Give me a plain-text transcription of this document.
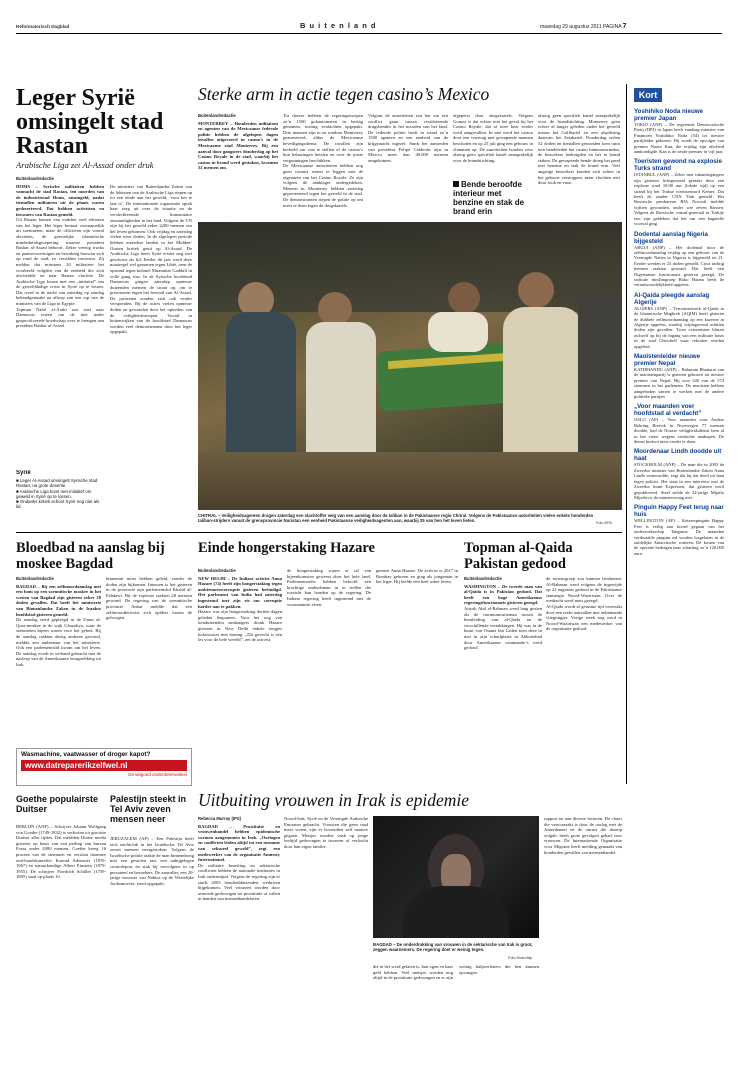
Reformatorisch Dagblad	B u i t e n l a n d	maandag 29 augustus 2011 PAGINA 7
Leger Syrië omsingelt stad Rastan
Arabische Liga zet Al-Assad onder druk
Buitenlandredactie
HOMS – Syrische militairen hebben vannacht de stad Rastan, ten noorden van de industriestad Homs, omsingeld, nadat tientallen militairen uit de plaats waren gedeserteerd. Dat hebben activisten en inwoners van Rastan gemeld.
Uit Rastan komen van oudsher veel rekruten van het leger. Het leger bestaat voornamelijk uit soennieten, maar de officieren zijn vooral alevieten, de geestelijke islamitische minderheidsgroepering waartoe president Bashar al-Assad behoort. Zeker veertig trucks en pantservoertuigen en bewaking bouwen zich op rond de stad, zo vertelden inwoners. Zij melden dat minstens 20 militairen het voorbeeld volgden van de eenheid die zich afscheidde en naar Rastan vluchtte. De Arabische Liga kwam met een „initiatief” om de gewelddadige crisis in Syrië op te lossen. Dat werd in de nacht van zaterdag op zondag bekendgemaakt na afloop van een top van de ministers van de Liga in Egypte.
Topman Nabil al-Arabi zou snel naar Damascus reizen om de niet nader gespecificeerde boodschap over te brengen aan president Bashar al-Assad.
Syrië
■ Leger Al-Assad omsingelt Syrische stad Rastan, na grote desertie.
■ Arabische Liga komt met initiatief om geweld in Syrië op te lossen.
■ Ondanks kritiek schoot Syrië nog niet als lid.
De ministers van Buitenlandse Zaken van de lidstaten van de Arabische Liga riepen op tot een einde aan het geweld, ‘voor het te laat is’. De internationale organisatie sprak haar zorg uit over de situatie en de verslechterende humanitaire omstandigheden in het land. Volgens de VN zijn bij het geweld zeker 2200 mensen om het leven gekomen. Ook vrijdag en zaterdag vielen weer doden. In de afgelopen periode hebben meerdere landen in het Midden-Oosten kritiek geuit op Al-Assad. De Arabische Liga heeft Syrië echter nog niet geschorst als lid. Eerder dit jaar werd deze maatregel wel genomen tegen Libië, toen de opstand tegen kolonel Muammar Gaddafi in volle gang was. In de Syrische hoofdstad Damascus gingen zaterdag opnieuw duizenden mensen de straat op, om te protesteren tegen het bewind van Al-Assad. De protesten zouden zich ook verder verspreiden. Bij de acties vielen opnieuw doden en gewonden door het optreden van de veiligheidstroepen. Vooral in buitenwijken van de hoofdstad Damascus werden veel demonstranten door het leger opgepakt.
Sterke arm in actie tegen casino’s Mexico
Buitenlandredactie
MONTERREY – Honderden militairen en agenten van de Mexicaanse federale politie hebben de afgelopen dagen invallen uitgevoerd in casino’s in de Mexicaanse stad Monterrey. Bij een aanval door gangsters donderdag op het Casino Royale in de stad, waarbij het casino in brand werd gestoken, kwamen 52 mensen om.
Tot dusver hebben de regeringstroepen zo’n 1500 gokautomaten in beslag genomen, twintig verdachten opgepakt. Drie mannen zijn in en rondom Monterrey gearresteerd, aldus de Mexicaanse beveiligingsdienst. De invallen zijn bedoeld om vast te stellen of de casino’s hun belastingen betalen en over de juiste vergunningen beschikken.
De Mexicaanse autoriteiten hebben nog geen contact weten te leggen met de eigenaren van het Casino Royale. Ze zijn volgens de aanklager ondergedoken. Mensen in Monterrey hebben zaterdag geprotesteerd tegen het geweld in de stad. De demonstranten riepen de politie op om meer te doen tegen de drugskartels.
Volgens de autoriteiten zou het om een conflict gaan tussen rivaliserende drugsbendes in het noorden van het land. De federale politie heeft in totaal zo’n 1500 agenten en een eenheid van de krijgsmacht ingezet. Sinds het aantreden van president Felipe Calderón zijn in Mexico meer dan 40.000 mensen omgekomen.
afgeperst door drugskartels. Volgens Gomez is dat echter niet het geval bij het Casino Royale, dat al twee keer eerder werd aangevallen. In mei werd het casino door een voertuig met gewapende mannen beschoten en op 25 juli ging een gebouw in vlammen op. De autoriteiten houden voor alsnog geen specifiek kartel aansprakelijk voor de brandstichting.
Bende beroofde interieur met benzine en stak de brand erin
alsnog geen specifiek kartel aansprakelijk voor de brandstichting. Monterrey geen echter al langer geleden onder het geweld tussen het Golfkartel en een afsplitsing daarvan, het Zetakartel. Donderdag vielen 52 doden en tientallen gewonden toen ruim tien bendeleden het casino binnenstormden, de bezoekers bedreigden en het in brand staken. De gewapende bende droeg het pand met benzine en stak de brand erin. Veel angstige bezoekers konden zich achter in het gebouw verstoppen, maar vluchten niet door rook en vuur.
CHITRAL – Veiligheidsagenten dragen zaterdag een slachtoffer weg van een aanslag door de taliban in de Pakistaanse regio Chitral. Volgens de Pakistaanse autoriteiten vielen enkele honderden taliban-strijders vanuit de grensprovincie Nuristan een eenheid Pakistaanse veiligheidsagenten aan, waarbij 25 van hen het leven lieten.	Foto EPA
Kort
Yoshihiko Noda nieuwe premier Japan
TOKIO (ANP) – De regerende Democratische Partij (DPJ) in Japan heeft vandaag minister van Financiën Yoshihiko Noda (54) tot nieuwe partijleider gekozen. Hij wordt de opvolger van premier Naoto Kan, die vrijdag zijn afscheid aankondigde. Kan is de zesde premier in vijf jaar.
Toeristen gewond na explosie Turks strand
ISTANBUL (ANP) – Zeker tien vakantiegangers zijn gisteren lichtgewond geraakt door een explosie rond 10.00 uur (lokale tijd) op een strand bij het Turkse toeristenoord Kemer. Dat heeft de zender CNN Türk gemeld. Het Russische persbureau RIA Novosti meldde vijftien gewonden, onder wie zeven Russen. Volgens de Russische consul-generaal in Turkije zou zijn gebleken dat het om een bagatelle voorval ging.
Dodental aanslag Nigeria bijgesteld
ABUJA (ANP) – Het dodental door de zelfmoordaanslag vrijdag op een gebouw van de Verenigde Naties in Nigeria is bijgesteld tot 21. Eerder werden er 23 doden gemeld. Circa tachtig mensen raakten gewond. Dat heeft een Nigeriaanse functionaris gisteren gezegd. De radicale moslimgroep Boko Haram heeft de verantwoordelijkheid opgeëist.
Al-Qaida pleegde aanslag Algerije
ALGIERS (ANP) – Terreurnetwerk al-Qaida in de Islamitische Maghreb (AQIM) heeft gisteren de dubbele zelfmoordaanslag op een kazerne in Algerije opgeëist, waarbij vrijdagavond achttien doden zijn gevallen. Twee extremisten blazen zichzelf op bij de ingang van een militaire basis in de stad Cherchell waar rekruten werden opgeleid.
Maoïstenleider nieuwe premier Nepal
KATHMANDU (ANP) – Baburam Bhattarai van de maoïstenpartij is gisteren gekozen tot nieuwe premier van Nepal. Hij won 340 van de 574 stemmen in het parlement. De maoïsten hebben aangeboden samen te werken met de andere politieke partijen.
„Voor maanden voer hoofdstad al verdacht”
OSLO (AP) – Voor maanden voor Anders Behring Breivik in Noorwegen 77 mensen doodde, had de Noorse veiligheidsdienst hem al in het vizier wegens verdachte aankopen. De dienst besloot niets verder te doen.
Moordenaar Lindh doodde uit haat
STOCKHOLM (ANP) – De man die in 2003 de Zweedse minister van Buitenlandse Zaken Anna Lindh vermoordde, zegt dat hij dat deed uit haat tegen politici. Het staat in een interview met de Zweedse krant Expressen, dat gisteren werd gepubliceerd. Steel stelde de 32-jarige Mijailo Mijailovic de ministervraag niet.
Pinguin Happy Feet terug naar huis
WELLINGTON (AP) – Keizerspinguïn Happy Feet is veilig aan boord gegaan van het onderzoeksschip Tangaroa. De maanden verdwaalde pinguïn zal worden losgelaten in de zuidelijke Antarctische wateren. De kosten van de operatie bedragen naar schatting zo’n 120.000 euro.
Bloedbad na aanslag bij moskee Bagdad
Buitenlandredactie
BAGDAD – Bij een zelfmoordaanslag met een bom op een soennitische moskee in het westen van Bagdad zijn gisteren zeker 28 doden gevallen. Dat heeft het ministerie van Binnenlandse Zaken in de Iraakse hoofdstad gisteren gemeld.
De aanslag werd gepleegd in de Umm al-Qura-moskee in de wijk Ghazaliya, waar de soennieten bijeen waren voor het gebed. Bij de aanslag raakten dertig anderen gewond, meldde een ambtenaar van het ministerie. Ook een parlementslid kwam om het leven. De aanslag wordt in verband gebracht met de nasleep van de Amerikaanse terugtrekking uit Irak.
binnenuit moet hebben geleid, zonder de doden zijn bijkomen. Intussen is het gisteren in de provincie zijn parlementslid Khalid al-Fahdawi. Bij de explosie raakten 28 mensen gewond. De regering van de soennitische provincie Anbar meldde dat een zelfmoordterrorist zich opblies tussen de gelovigen.
Einde hongerstaking Hazare
Buitenlandredactie
NEW DELHI – De Indiase activist Anna Hazare (74) heeft zijn hongerstaking tegen ambtenarencorruptie gisteren beëindigd. Het parlement van India had zaterdag ingestemd met zijn eis om corruptie harder aan te pakken.
Hazare was zijn hongerstaking dertien dagen geleden begonnen. Voor het oog van tienduizenden aanhangers dronk Hazare gisteren in New Delhi enkele teugjes kokoswater met honing. „Dit gevecht is een les voor de hele wereld”, zei de activist.
de hongerstaking waren er tal van bijeenkomsten geweest door het hele land. Parlementariërs hebben beloofd een krachtige ombudsman in te stellen die toezicht kan houden op de regering. De Indiase regering heeft ingestemd met de voornaamste eisen.
gemoet Anna Hazare. De activist is 2017 in Bombay geboren en ging als jongeman in het leger. Hij leefde een heel sober leven.
Topman al-Qaida Pakistan gedood
Buitenlandredactie
WASHINGTON – De tweede man van al-Qaida is in Pakistan gedood. Dat heeft een hoge Amerikaanse regeringsfunctionaris gisteren gezegd.
Atiyah Abd al-Rahman werd lang gezien als de communicatieman tussen de kernleiding van al-Qaida en de verschillende vertakkingen. Hij was in de buurt van Osama bin Laden toen deze in mei in zijn schuilplaats in Abbottabad door Amerikaanse commando’s werd gedood.
de terreurgroep zou kunnen betekenen. Al-Rahman werd volgens de ingewijde op 22 augustus gedood in de Pakistaanse stamregio Noord-Waziristan. Over de toedracht werd niets gezegd.
Al-Qaida wordt al geruime tijd verzwakt door een reeks aanvallen met onbemande vliegtuigjes. Vorige week nog werd in Noord-Waziristan een medewerker van de organisatie gedood.
Wasmachine, vaatwasser of droger kapot?
www.datreparerikzelfwel.nl
De witgoed onderdelenwinkel
Goethe populairste Duitser
BERLIJN (ANP) – Schrijver Johann Wolfgang von Goethe (1749-1832) is verkozen tot grootste Duitser aller tijden. Dat meldden Duitse media gisteren op basis van een peiling van bureau Forsa onder 2000 mensen. Goethe kreeg 16 procent van de stemmen en verslaat daarmee oud-bondskanselier Konrad Adenauer (1876-1967) en natuurkundige Albert Einstein (1879-1955). De schrijver Friedrich Schiller (1759-1805) staat op plaats 10.
Palestijn steekt in Tel Aviv zeven mensen neer
JERUZALEM (AP) – Een Palestijn heeft zich nachtclub in het Israëlische Tel Aviv zeven mensen neergestoken. Volgens de Israëlische politie raakte de man binnendrong met een gestolen taxi een nabijgelegen controlepost en stak hij vervolgens in op personeel en bezoekers. De aanvaller, een 20-jarige inwoner van Nablus op de Westelijke Jordaanoever, werd opgepakt.
Uitbuiting vrouwen in Irak is epidemie
Rebecca Murray (IPS)
BAGDAD – Prostitutie en vrouwenhandel hebben epidemische vormen aangenomen in Irak. „Oorlogen en conflicten leiden altijd tot een toename van seksueel geweld”, zegt een medewerker van de organisatie Amnesty International.
De militaire bezetting en sektarische conflicten hebben de nationale instituties in Irak ondermijnd. Volgens de regering zijn er sinds 2003 honderdduizenden weduwen bijgekomen. Veel vrouwen worden door armoede gedwongen tot prostitutie of vallen in handen van mensenhandelaren.
Noord-Irak, Syrië en de Verenigde Arabische Emiraten gebracht. Vrouwen die geen raad meer weten, zijn er bovendien zelf naartoe gegaan. Meisjes worden vaak op jonge leeftijd gedwongen te trouwen of verkocht door hun eigen familie.
BAGDAD – De onderdrukking van vrouwen in de sektarische van Irak is groot, zeggen waarnemers. De regering doet er weinig tegen.
Foto Kiran/Afp
die in het werd gelaten is, hun ogen en haar geld hebben. Veel meisjes worden nog altijd in de prostitutie gedwongen en er zijn weinig hulpverleners die hen kunnen opvangen.
rapport tot aan diverse factoren. De chaos die veroorzaakt is door de oorlog met de Amerikanen en de onrust die daarop volgde, heeft grote gevolgen gehad voor vrouwen. De Internationale Organisatie voor Migratie heeft melding gemaakt van honderden gevallen van mensenhandel.
